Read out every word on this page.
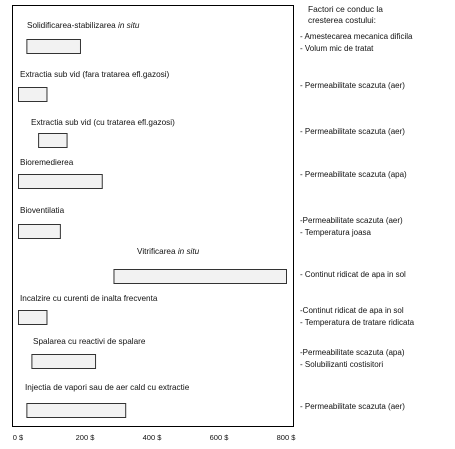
Factori ce conduc la
cresterea costului:
0 $	200 $	400 $	600 $	800 $
Solidificarea-stabilizarea in situ
- Amestecarea mecanica dificila
- Volum mic de tratat
Extractia sub vid (fara tratarea efl.gazosi)
- Permeabilitate scazuta (aer)
Extractia sub vid (cu tratarea efl.gazosi)
- Permeabilitate scazuta (aer)
Bioremedierea
- Permeabilitate scazuta (apa)
Bioventilatia
-Permeabilitate scazuta (aer)
- Temperatura joasa
Vitrificarea in situ
- Continut ridicat de apa in sol
Incalzire cu curenti de inalta frecventa
-Continut ridicat de apa in sol
- Temperatura de tratare ridicata
Spalarea cu reactivi de spalare
-Permeabilitate scazuta (apa)
- Solubilizanti costisitori
Injectia de vapori sau de aer cald cu extractie
- Permeabilitate scazuta (aer)
